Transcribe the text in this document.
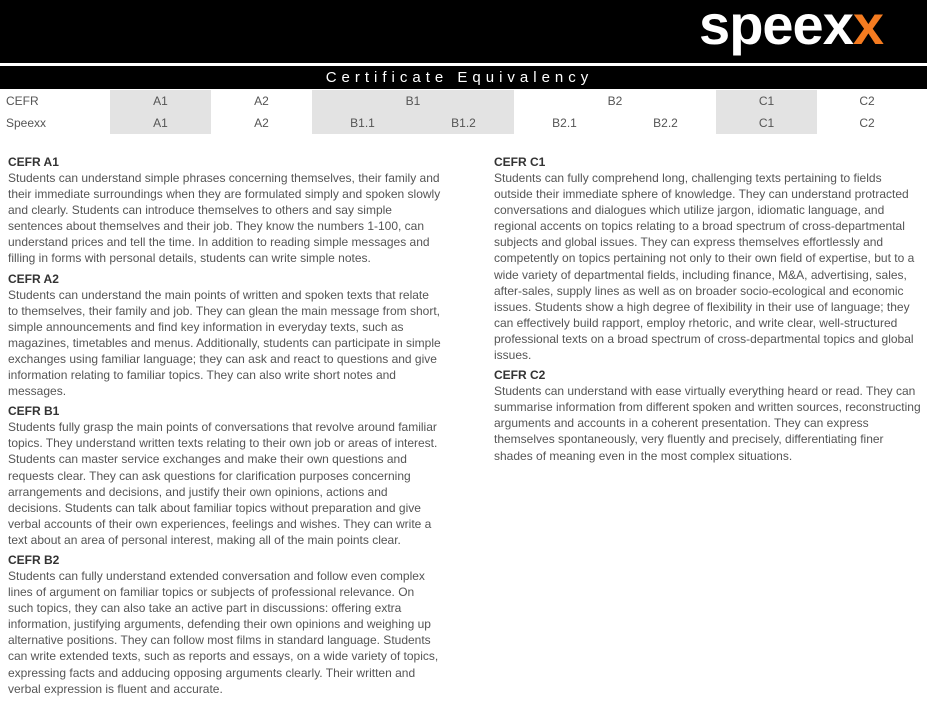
speexx
Certificate Equivalency
CEFR	A1	A2	B1		B2		C1	C2
Speexx	A1	A2	B1.1	B1.2	B2.1	B2.2	C1	C2

CEFR A1

Students can understand simple phrases concerning themselves, their family and their immediate surroundings when they are formulated simply and spoken slowly and clearly. Students can introduce themselves to others and say simple sentences about themselves and their job. They know the numbers 1-100, can understand prices and tell the time. In addition to reading simple messages and filling in forms with personal details, students can write simple notes.

CEFR A2

Students can understand the main points of written and spoken texts that relate to themselves, their family and job. They can glean the main message from short, simple announcements and find key information in everyday texts, such as magazines, timetables and menus. Additionally, students can participate in simple exchanges using familiar language; they can ask and react to questions and give information relating to familiar topics. They can also write short notes and messages.

CEFR B1

Students fully grasp the main points of conversations that revolve around familiar topics. They understand written texts relating to their own job or areas of interest. Students can master service exchanges and make their own questions and requests clear. They can ask questions for clarification purposes concerning arrangements and decisions, and justify their own opinions, actions and decisions. Students can talk about familiar topics without preparation and give verbal accounts of their own experiences, feelings and wishes. They can write a text about an area of personal interest, making all of the main points clear.

CEFR B2

Students can fully understand extended conversation and follow even complex lines of argument on familiar topics or subjects of professional relevance. On such topics, they can also take an active part in discussions: offering extra information, justifying arguments, defending their own opinions and weighing up alternative positions. They can follow most films in standard language. Students can write extended texts, such as reports and essays, on a wide variety of topics, expressing facts and adducing opposing arguments clearly. Their written and verbal expression is fluent and accurate.

CEFR C1

Students can fully comprehend long, challenging texts pertaining to fields outside their immediate sphere of knowledge. They can understand protracted conversations and dialogues which utilize jargon, idiomatic language, and regional accents on topics relating to a broad spectrum of cross-departmental subjects and global issues. They can express themselves effortlessly and competently on topics pertaining not only to their own field of expertise, but to a wide variety of departmental fields, including finance, M&A, advertising, sales, after-sales, supply lines as well as on broader socio-ecological and economic issues. Students show a high degree of flexibility in their use of language; they can effectively build rapport, employ rhetoric, and write clear, well-structured professional texts on a broad spectrum of cross-departmental topics and global issues.

CEFR C2

Students can understand with ease virtually everything heard or read. They can summarise information from different spoken and written sources, reconstructing arguments and accounts in a coherent presentation. They can express themselves spontaneously, very fluently and precisely, differentiating finer shades of meaning even in the most complex situations.
